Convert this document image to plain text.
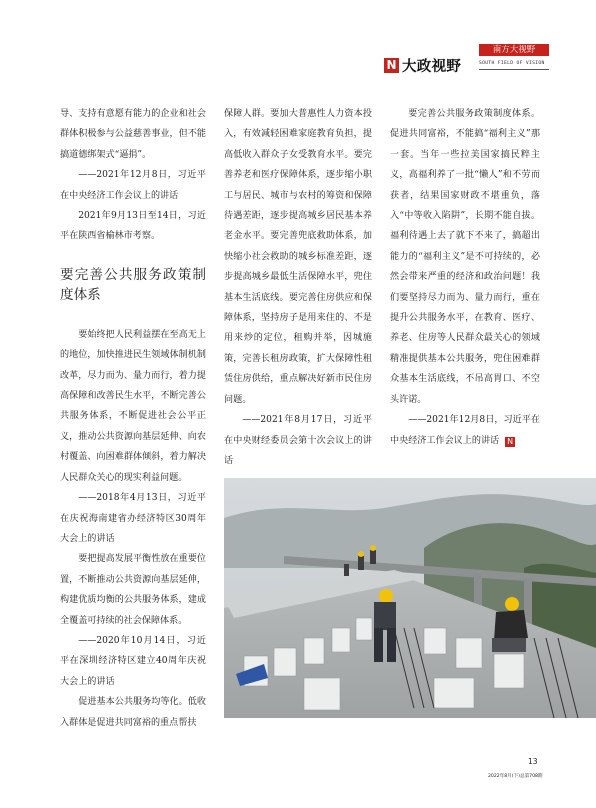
N 大政视野
南方大视野
SOUTH FIELD OF VISION

导、支持有意愿有能力的企业和社会群体积极参与公益慈善事业，但不能搞道德绑架式“逼捐”。

——2021年12月8日，习近平在中央经济工作会议上的讲话

2021年9月13日至14日，习近平在陕西省榆林市考察。

要完善公共服务政策制度体系

要始终把人民利益摆在至高无上的地位，加快推进民生领域体制机制改革，尽力而为、量力而行，着力提高保障和改善民生水平，不断完善公共服务体系，不断促进社会公平正义，推动公共资源向基层延伸、向农村覆盖、向困难群体倾斜，着力解决人民群众关心的现实利益问题。

——2018年4月13日，习近平在庆祝海南建省办经济特区30周年大会上的讲话

要把提高发展平衡性放在重要位置，不断推动公共资源向基层延伸，构建优质均衡的公共服务体系，建成全覆盖可持续的社会保障体系。

——2020年10月14日，习近平在深圳经济特区建立40周年庆祝大会上的讲话

促进基本公共服务均等化。低收入群体是促进共同富裕的重点帮扶

保障人群。要加大普惠性人力资本投入，有效减轻困难家庭教育负担，提高低收入群众子女受教育水平。要完善养老和医疗保障体系，逐步缩小职工与居民、城市与农村的筹资和保障待遇差距，逐步提高城乡居民基本养老金水平。要完善兜底救助体系，加快缩小社会救助的城乡标准差距，逐步提高城乡最低生活保障水平，兜住基本生活底线。要完善住房供应和保障体系，坚持房子是用来住的、不是用来炒的定位，租购并举，因城施策，完善长租房政策，扩大保障性租赁住房供给，重点解决好新市民住房问题。

——2021年8月17日，习近平在中央财经委员会第十次会议上的讲话

要完善公共服务政策制度体系。促进共同富裕，不能搞“福利主义”那一套。当年一些拉美国家搞民粹主义，高福利养了一批“懒人”和不劳而获者，结果国家财政不堪重负，落入“中等收入陷阱”，长期不能自拔。福利待遇上去了就下不来了，搞超出能力的“福利主义”是不可持续的，必然会带来严重的经济和政治问题！我们要坚持尽力而为、量力而行，重在提升公共服务水平，在教育、医疗、养老、住房等人民群众最关心的领域精准提供基本公共服务，兜住困难群众基本生活底线，不吊高胃口、不空头许诺。

——2021年12月8日，习近平在中央经济工作会议上的讲话 N

13
2022年8月(下)总第708期
